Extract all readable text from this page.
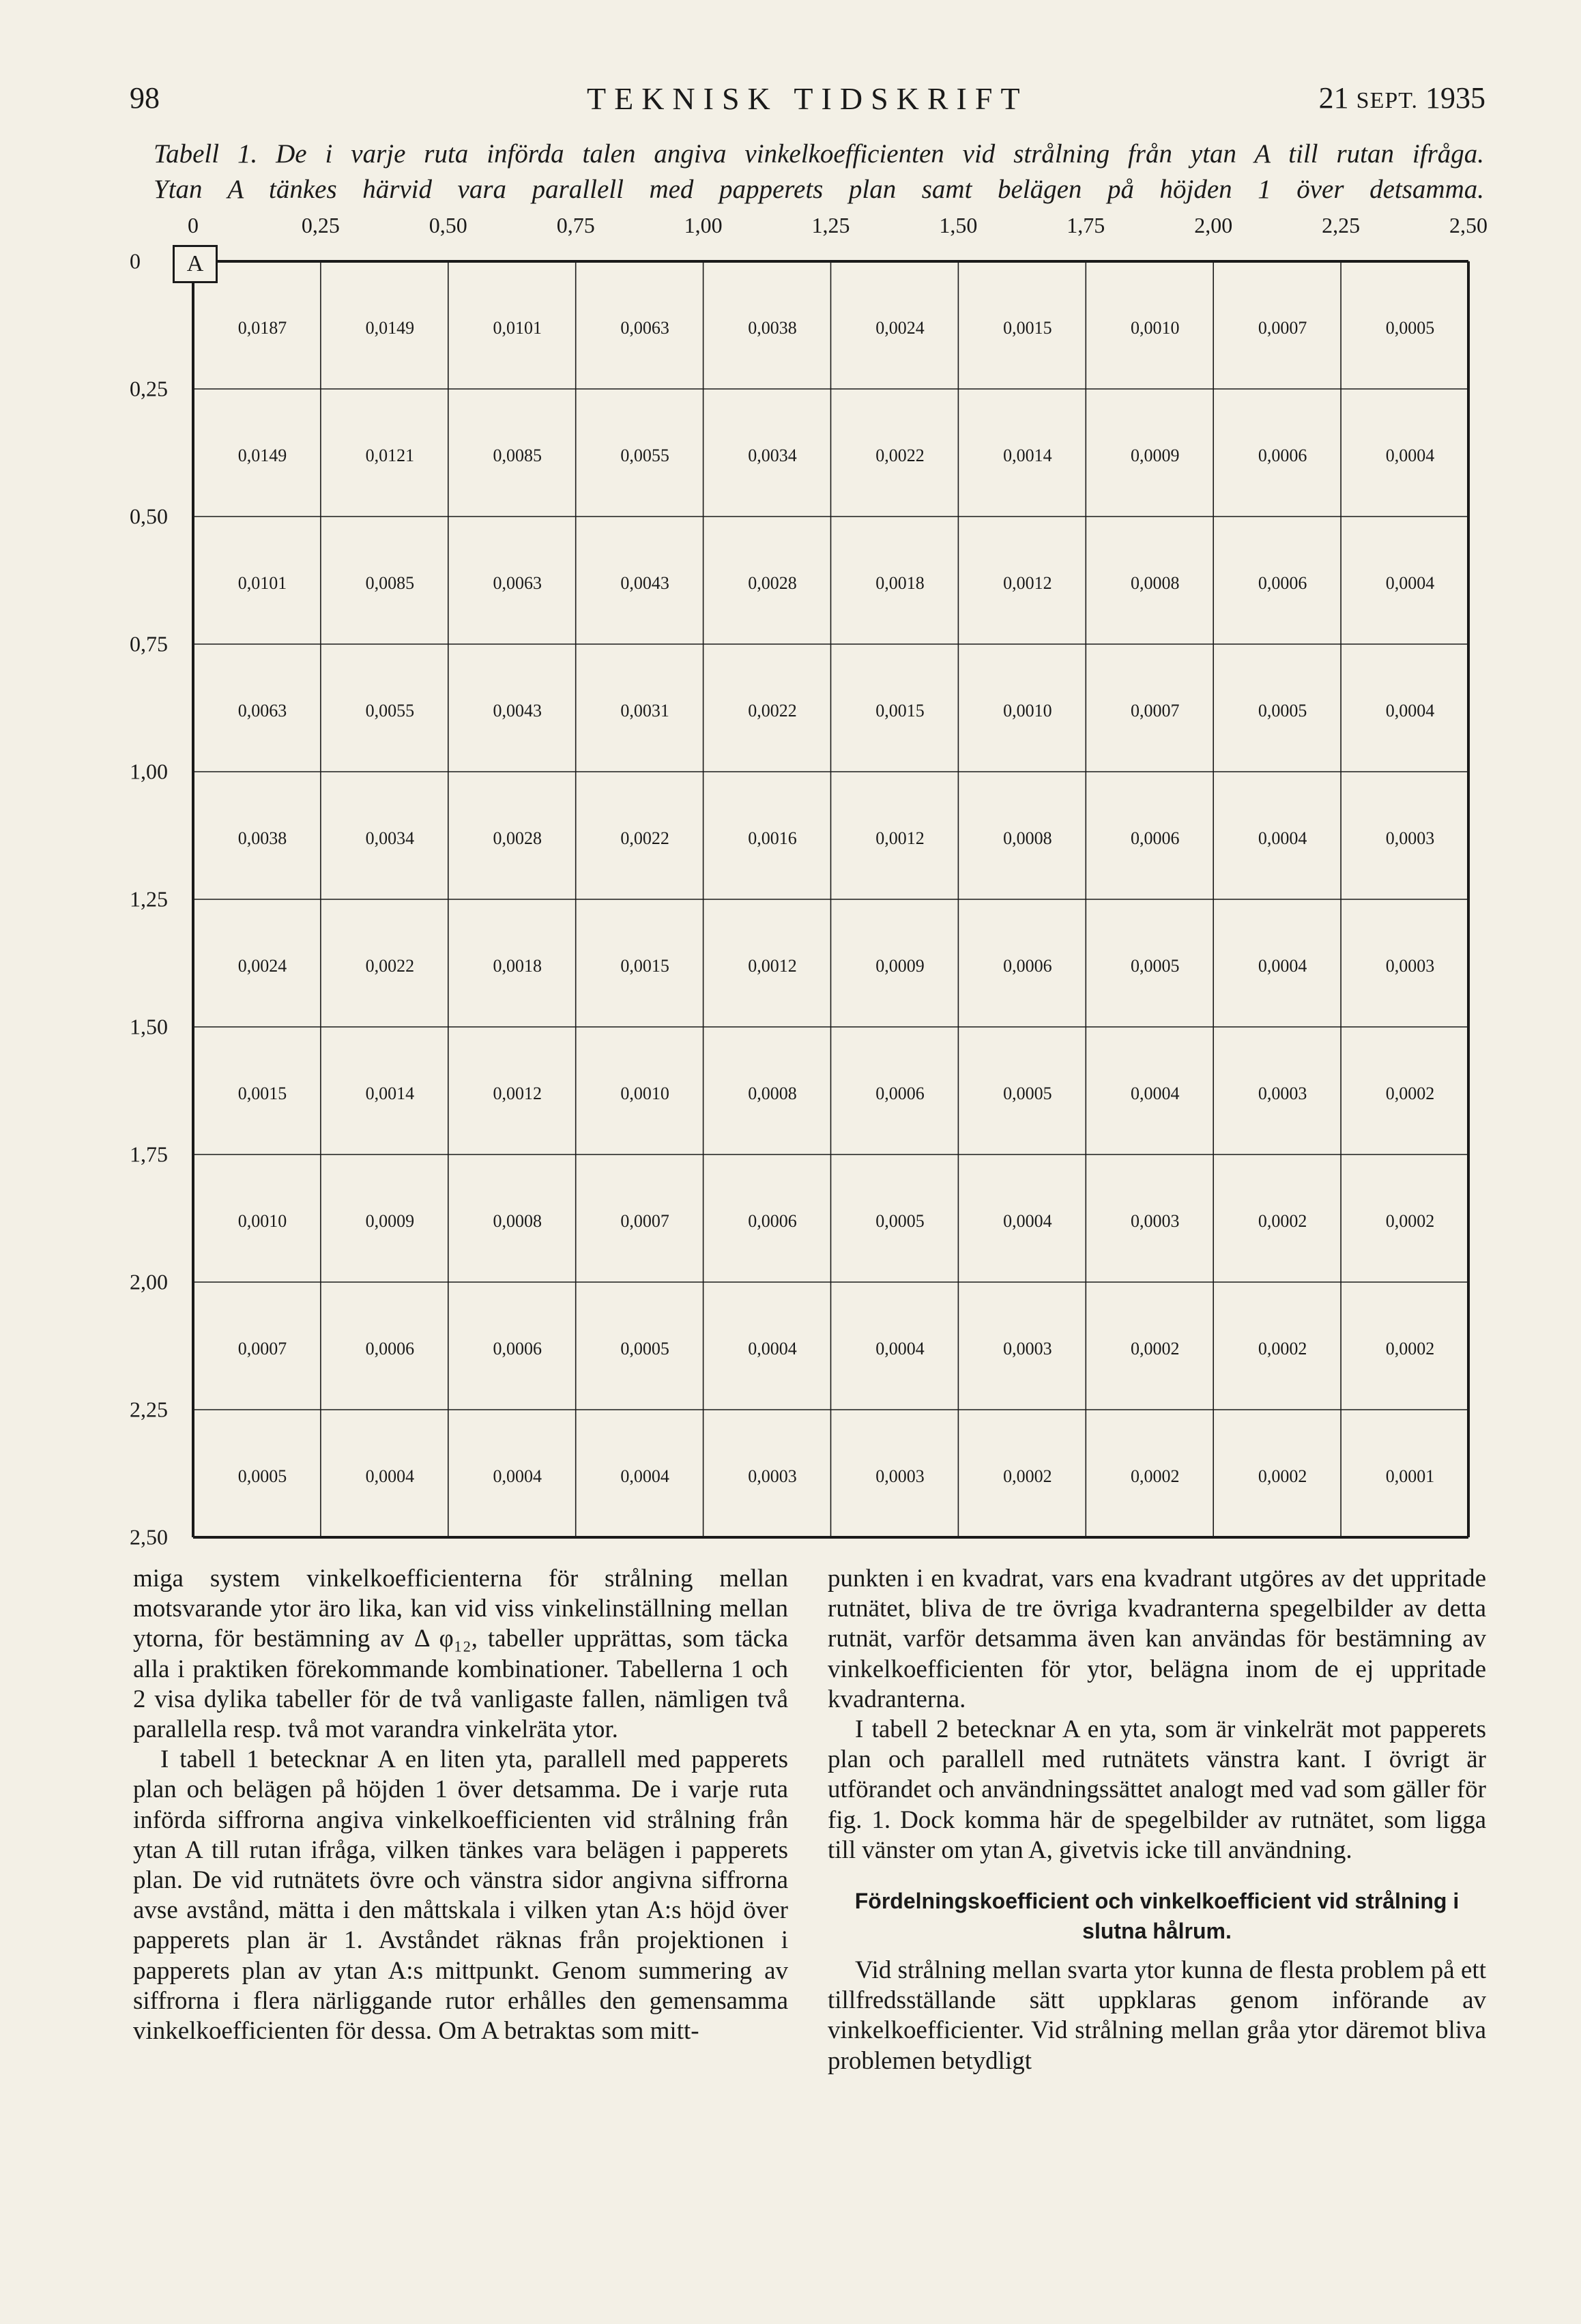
98	TEKNISK TIDSKRIFT	21 SEPT. 1935
Tabell 1. De i varje ruta införda talen angiva vinkelkoefficienten vid strålning från ytan A till rutan ifråga.
Ytan A tänkes härvid vara parallell med papperets plan samt belägen på höjden 1 över detsamma.
0	0,25	0,50	0,75	1,00	1,25	1,50	1,75	2,00	2,25	2,50
0
0,25
0,50
0,75
1,00
1,25
1,50
1,75
2,00
2,25
2,50
0,0187	0,0149	0,0101	0,0063	0,0038	0,0024	0,0015	0,0010	0,0007	0,0005
0,0149	0,0121	0,0085	0,0055	0,0034	0,0022	0,0014	0,0009	0,0006	0,0004
0,0101	0,0085	0,0063	0,0043	0,0028	0,0018	0,0012	0,0008	0,0006	0,0004
0,0063	0,0055	0,0043	0,0031	0,0022	0,0015	0,0010	0,0007	0,0005	0,0004
0,0038	0,0034	0,0028	0,0022	0,0016	0,0012	0,0008	0,0006	0,0004	0,0003
0,0024	0,0022	0,0018	0,0015	0,0012	0,0009	0,0006	0,0005	0,0004	0,0003
0,0015	0,0014	0,0012	0,0010	0,0008	0,0006	0,0005	0,0004	0,0003	0,0002
0,0010	0,0009	0,0008	0,0007	0,0006	0,0005	0,0004	0,0003	0,0002	0,0002
0,0007	0,0006	0,0006	0,0005	0,0004	0,0004	0,0003	0,0002	0,0002	0,0002
0,0005	0,0004	0,0004	0,0004	0,0003	0,0003	0,0002	0,0002	0,0002	0,0001
A

miga system vinkelkoefficienterna för strålning mellan motsvarande ytor äro lika, kan vid viss vinkelinställning mellan ytorna, för bestämning av Δ φ₁₂, tabeller upprättas, som täcka alla i praktiken förekommande kombinationer. Tabellerna 1 och 2 visa dylika tabeller för de två vanligaste fallen, nämligen två parallella resp. två mot varandra vinkelräta ytor.

I tabell 1 betecknar A en liten yta, parallell med papperets plan och belägen på höjden 1 över detsamma. De i varje ruta införda siffrorna angiva vinkelkoefficienten vid strålning från ytan A till rutan ifråga, vilken tänkes vara belägen i papperets plan. De vid rutnätets övre och vänstra sidor angivna siffrorna avse avstånd, mätta i den måttskala i vilken ytan A:s höjd över papperets plan är 1. Avståndet räknas från projektionen i papperets plan av ytan A:s mittpunkt. Genom summering av siffrorna i flera närliggande rutor erhålles den gemensamma vinkelkoefficienten för dessa. Om A betraktas som mitt-

punkten i en kvadrat, vars ena kvadrant utgöres av det uppritade rutnätet, bliva de tre övriga kvadranterna spegelbilder av detta rutnät, varför detsamma även kan användas för bestämning av vinkelkoefficienten för ytor, belägna inom de ej uppritade kvadranterna.

I tabell 2 betecknar A en yta, som är vinkelrät mot papperets plan och parallell med rutnätets vänstra kant. I övrigt är utförandet och användningssättet analogt med vad som gäller för fig. 1. Dock komma här de spegelbilder av rutnätet, som ligga till vänster om ytan A, givetvis icke till användning.

Fördelningskoefficient och vinkelkoefficient vid strålning i slutna hålrum.

Vid strålning mellan svarta ytor kunna de flesta problem på ett tillfredsställande sätt uppklaras genom införande av vinkelkoefficienter. Vid strålning mellan gråa ytor däremot bliva problemen betydligt
